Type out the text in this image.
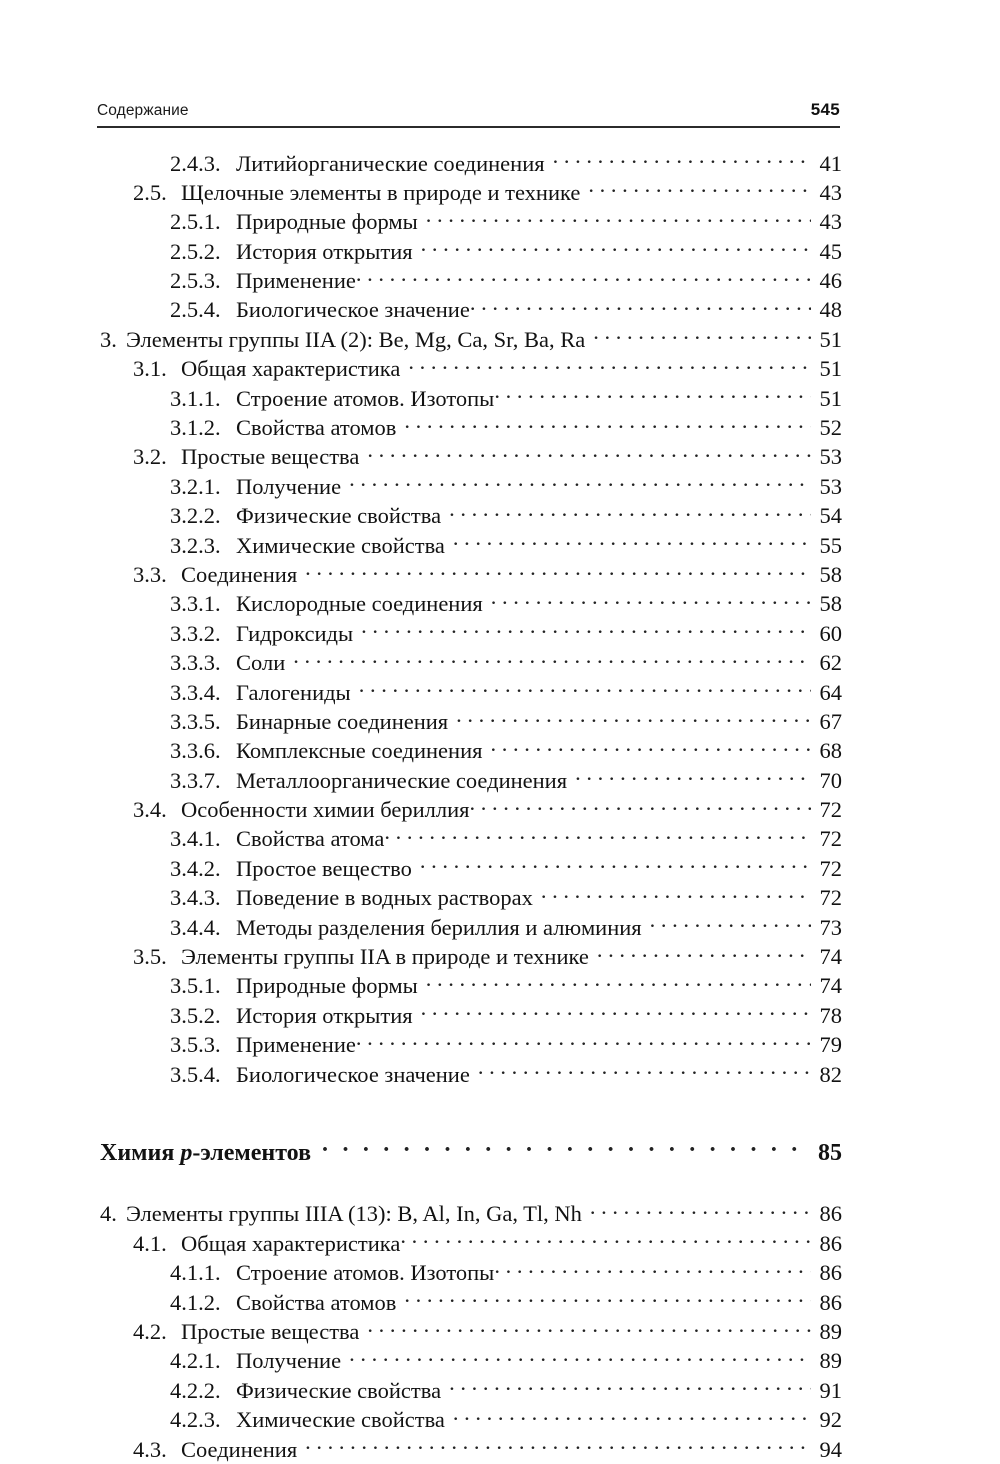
Содержание	545
2.4.3. Литийорганические соединения . . .	41
2.5. Щелочные элементы в природе и технике . . .	43
2.5.1. Природные формы . . .	43
2.5.2. История открытия . . .	45
2.5.3. Применение . . .	46
2.5.4. Биологическое значение . . .	48
3. Элементы группы IIA (2): Be, Mg, Ca, Sr, Ba, Ra . . .	51
3.1. Общая характеристика . . .	51
3.1.1. Строение атомов. Изотопы . . .	51
3.1.2. Свойства атомов . . .	52
3.2. Простые вещества . . .	53
3.2.1. Получение . . .	53
3.2.2. Физические свойства . . .	54
3.2.3. Химические свойства . . .	55
3.3. Соединения . . .	58
3.3.1. Кислородные соединения . . .	58
3.3.2. Гидроксиды . . .	60
3.3.3. Соли . . .	62
3.3.4. Галогениды . . .	64
3.3.5. Бинарные соединения . . .	67
3.3.6. Комплексные соединения . . .	68
3.3.7. Металлоорганические соединения . . .	70
3.4. Особенности химии бериллия . . .	72
3.4.1. Свойства атома . . .	72
3.4.2. Простое вещество . . .	72
3.4.3. Поведение в водных растворах . . .	72
3.4.4. Методы разделения бериллия и алюминия . . .	73
3.5. Элементы группы IIA в природе и технике . . .	74
3.5.1. Природные формы . . .	74
3.5.2. История открытия . . .	78
3.5.3. Применение . . .	79
3.5.4. Биологическое значение . . .	82
Химия p-элементов . . .	85
4. Элементы группы IIIA (13): B, Al, In, Ga, Tl, Nh . . .	86
4.1. Общая характеристика . . .	86
4.1.1. Строение атомов. Изотопы . . .	86
4.1.2. Свойства атомов . . .	86
4.2. Простые вещества . . .	89
4.2.1. Получение . . .	89
4.2.2. Физические свойства . . .	91
4.2.3. Химические свойства . . .	92
4.3. Соединения . . .	94
